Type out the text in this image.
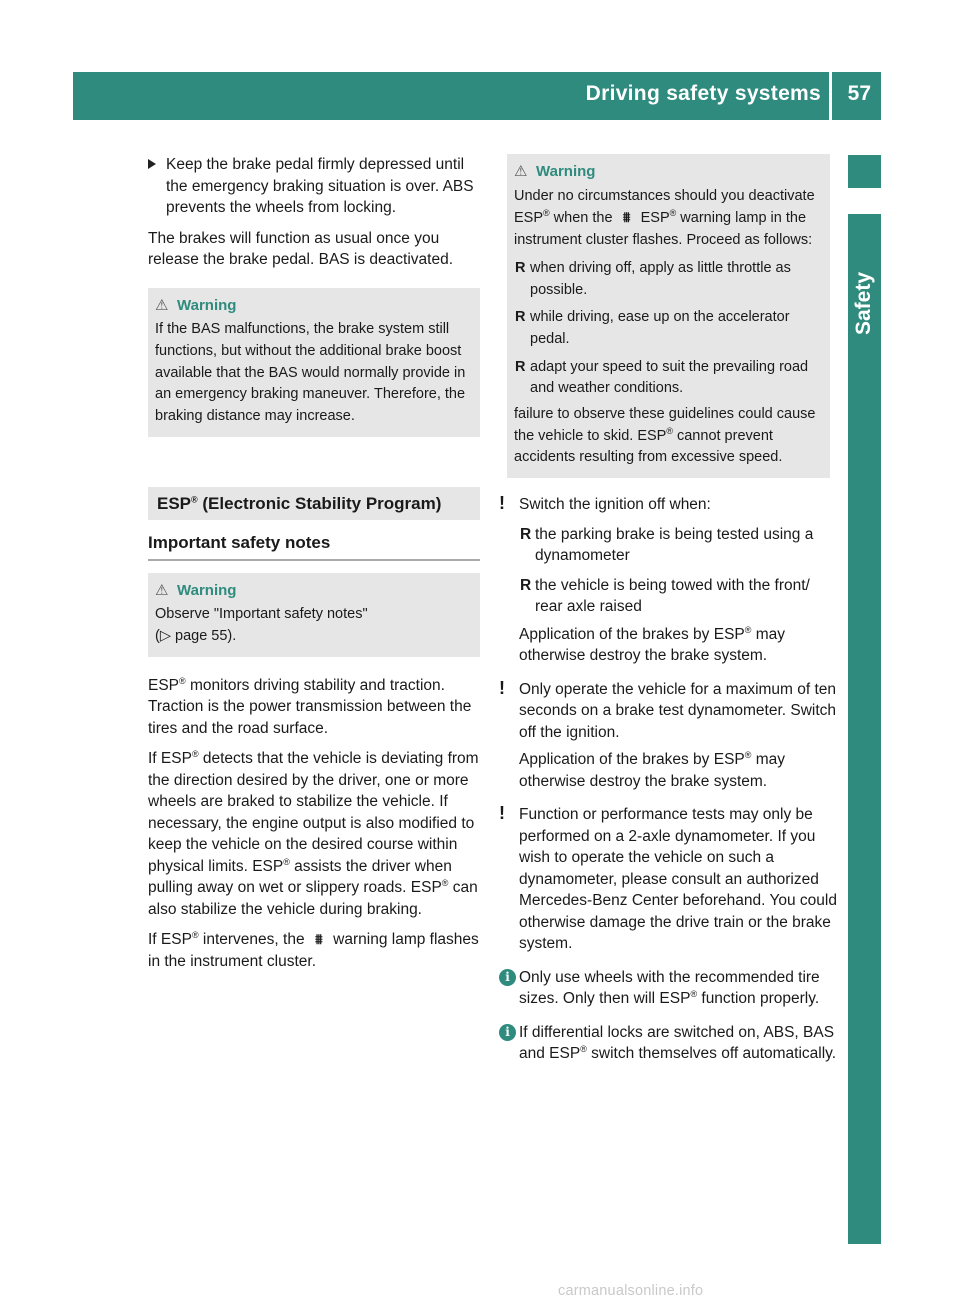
Driving safety systems 57
Safety
Keep the brake pedal firmly depressed until the emergency braking situation is over. ABS prevents the wheels from locking.

The brakes will function as usual once you release the brake pedal. BAS is deactivated.

⚠ Warning

If the BAS malfunctions, the brake system still functions, but without the additional brake boost available that the BAS would normally provide in an emergency braking maneuver. Therefore, the braking distance may increase.

ESP® (Electronic Stability Program)
Important safety notes
⚠ Warning

Observe "Important safety notes"

(▷ page 55).

ESP® monitors driving stability and traction. Traction is the power transmission between the tires and the road surface.

If ESP® detects that the vehicle is deviating from the direction desired by the driver, one or more wheels are braked to stabilize the vehicle. If necessary, the engine output is also modified to keep the vehicle on the desired course within physical limits. ESP® assists the driver when pulling away on wet or slippery roads. ESP® can also stabilize the vehicle during braking.

If ESP® intervenes, the ⩩ warning lamp flashes in the instrument cluster.

⚠ Warning

Under no circumstances should you deactivate ESP® when the ⩩ ESP® warning lamp in the instrument cluster flashes. Proceed as follows:

R when driving off, apply as little throttle as possible.
R while driving, ease up on the accelerator pedal.
R adapt your speed to suit the prevailing road and weather conditions.

failure to observe these guidelines could cause the vehicle to skid. ESP® cannot prevent accidents resulting from excessive speed.

! Switch the ignition off when:

R the parking brake is being tested using a dynamometer
R the vehicle is being towed with the front/ rear axle raised

Application of the brakes by ESP® may otherwise destroy the brake system.

! Only operate the vehicle for a maximum of ten seconds on a brake test dynamometer. Switch off the ignition.

Application of the brakes by ESP® may otherwise destroy the brake system.

! Function or performance tests may only be performed on a 2-axle dynamometer. If you wish to operate the vehicle on such a dynamometer, please consult an authorized Mercedes-Benz Center beforehand. You could otherwise damage the drive train or the brake system.

i Only use wheels with the recommended tire sizes. Only then will ESP® function properly.

i If differential locks are switched on, ABS, BAS and ESP® switch themselves off automatically.

carmanualsonline.info
